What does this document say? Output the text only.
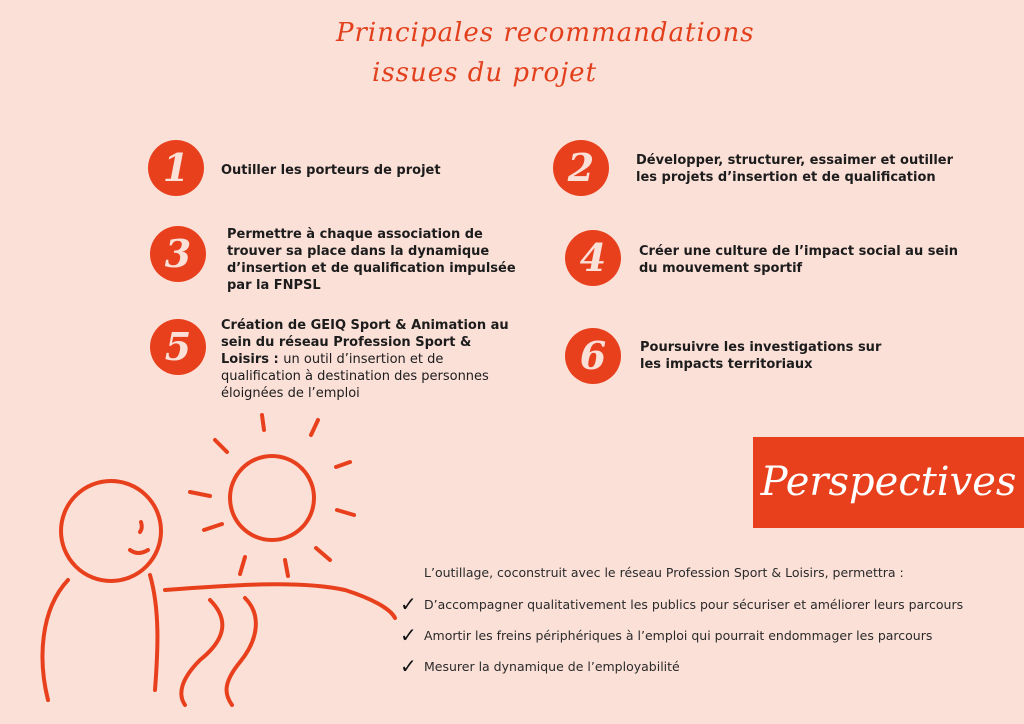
Principales recommandations
issues du projet
1	Outiller les porteurs de projet	2	Développer, structurer, essaimer et outiller les projets d’insertion et de qualification
3	Permettre à chaque association de trouver sa place dans la dynamique d’insertion et de qualification impulsée par la FNPSL
4	Créer une culture de l’impact social au sein du mouvement sportif
5	Création de GEIQ Sport & Animation au sein du réseau Profession Sport & Loisirs : un outil d’insertion et de qualification à destination des personnes éloignées de l’emploi
6	Poursuivre les investigations sur les impacts territoriaux
Perspectives
L’outillage, coconstruit avec le réseau Profession Sport & Loisirs, permettra :
✓ D’accompagner qualitativement les publics pour sécuriser et améliorer leurs parcours
✓ Amortir les freins périphériques à l’emploi qui pourrait endommager les parcours
✓ Mesurer la dynamique de l’employabilité
